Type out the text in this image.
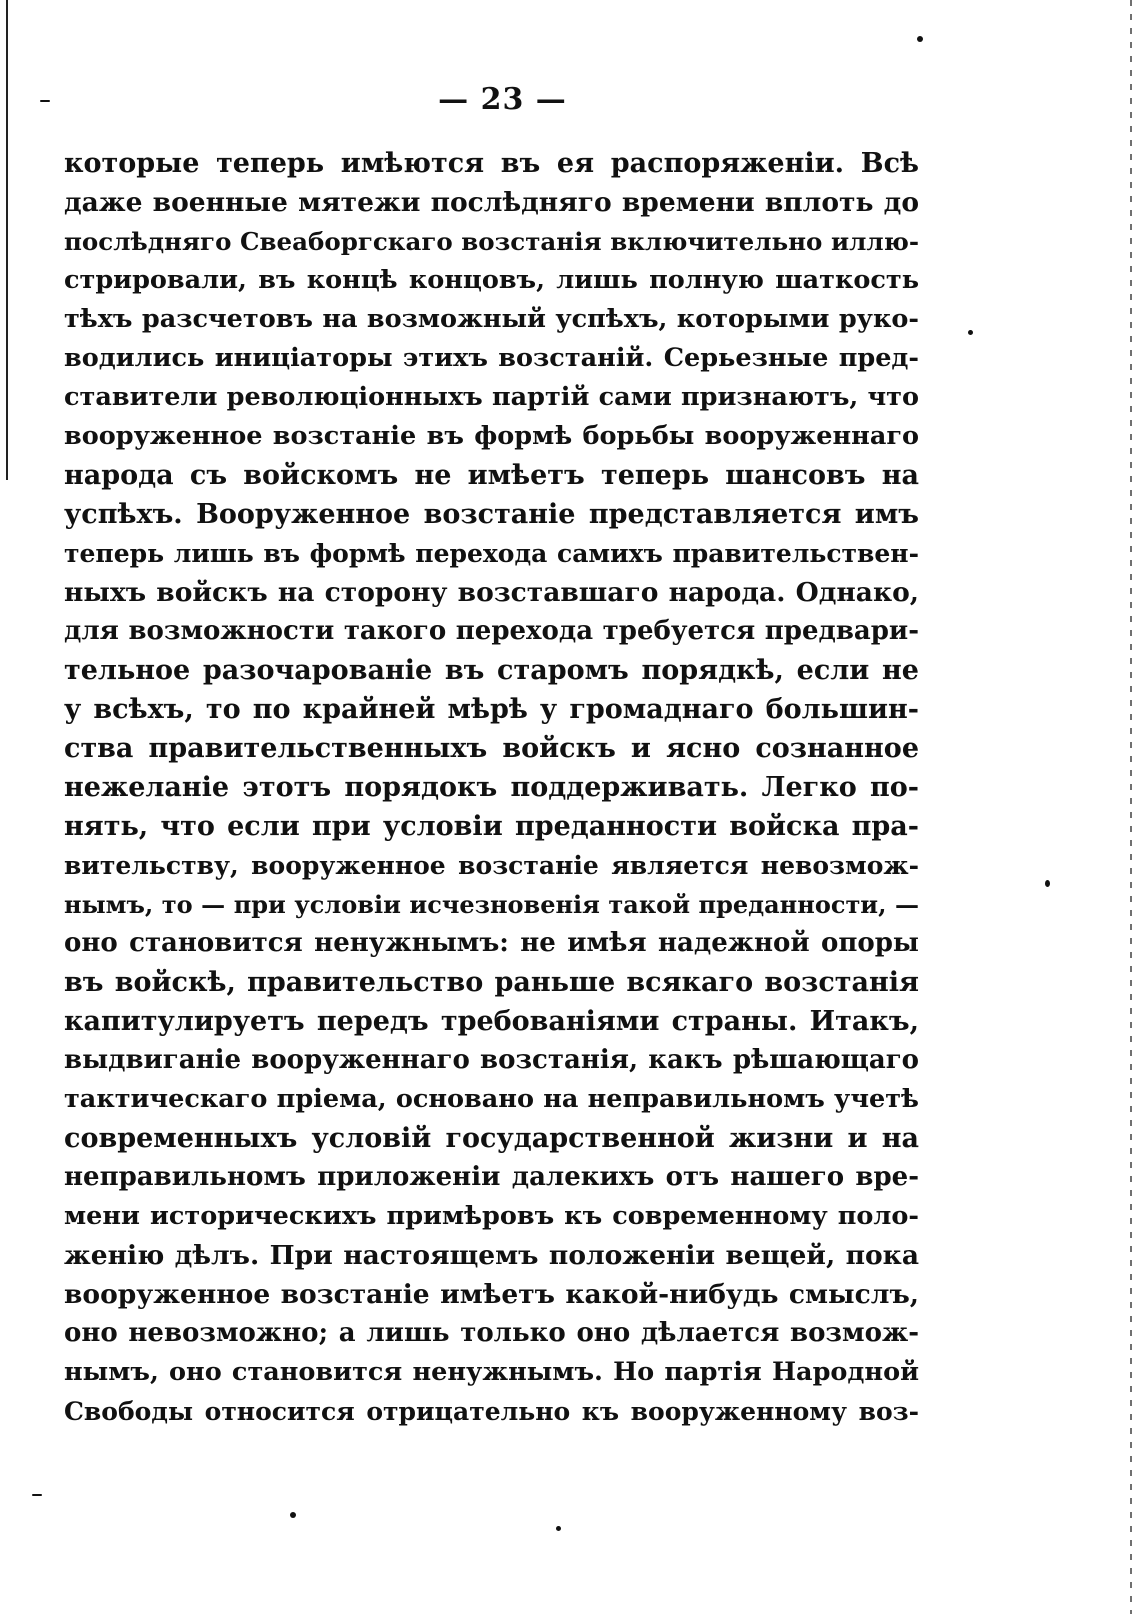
— 23 —
которые теперь имѣются въ ея распоряженіи. Всѣ
даже военные мятежи послѣдняго времени вплоть до
послѣдняго Свеаборгскаго возстанія включительно иллю-
стрировали, въ концѣ концовъ, лишь полную шаткость
тѣхъ разсчетовъ на возможный успѣхъ, которыми руко-
водились иниціаторы этихъ возстаній. Серьезные пред-
ставители революціонныхъ партій сами признаютъ, что
вооруженное возстаніе въ формѣ борьбы вооруженнаго
народа съ войскомъ не имѣетъ теперь шансовъ на
успѣхъ. Вооруженное возстаніе представляется имъ
теперь лишь въ формѣ перехода самихъ правительствен-
ныхъ войскъ на сторону возставшаго народа. Однако,
для возможности такого перехода требуется предвари-
тельное разочарованіе въ старомъ порядкѣ, если не
у всѣхъ, то по крайней мѣрѣ у громаднаго большин-
ства правительственныхъ войскъ и ясно сознанное
нежеланіе этотъ порядокъ поддерживать. Легко по-
нять, что если при условіи преданности войска пра-
вительству, вооруженное возстаніе является невозмож-
нымъ, то — при условіи исчезновенія такой преданности, —
оно становится ненужнымъ: не имѣя надежной опоры
въ войскѣ, правительство раньше всякаго возстанія
капитулируетъ передъ требованіями страны. Итакъ,
выдвиганіе вооруженнаго возстанія, какъ рѣшающаго
тактическаго пріема, основано на неправильномъ учетѣ
современныхъ условій государственной жизни и на
неправильномъ приложеніи далекихъ отъ нашего вре-
мени историческихъ примѣровъ къ современному поло-
женію дѣлъ. При настоящемъ положеніи вещей, пока
вооруженное возстаніе имѣетъ какой-нибудь смыслъ,
оно невозможно; а лишь только оно дѣлается возмож-
нымъ, оно становится ненужнымъ. Но партія Народной
Свободы относится отрицательно къ вооруженному воз-
